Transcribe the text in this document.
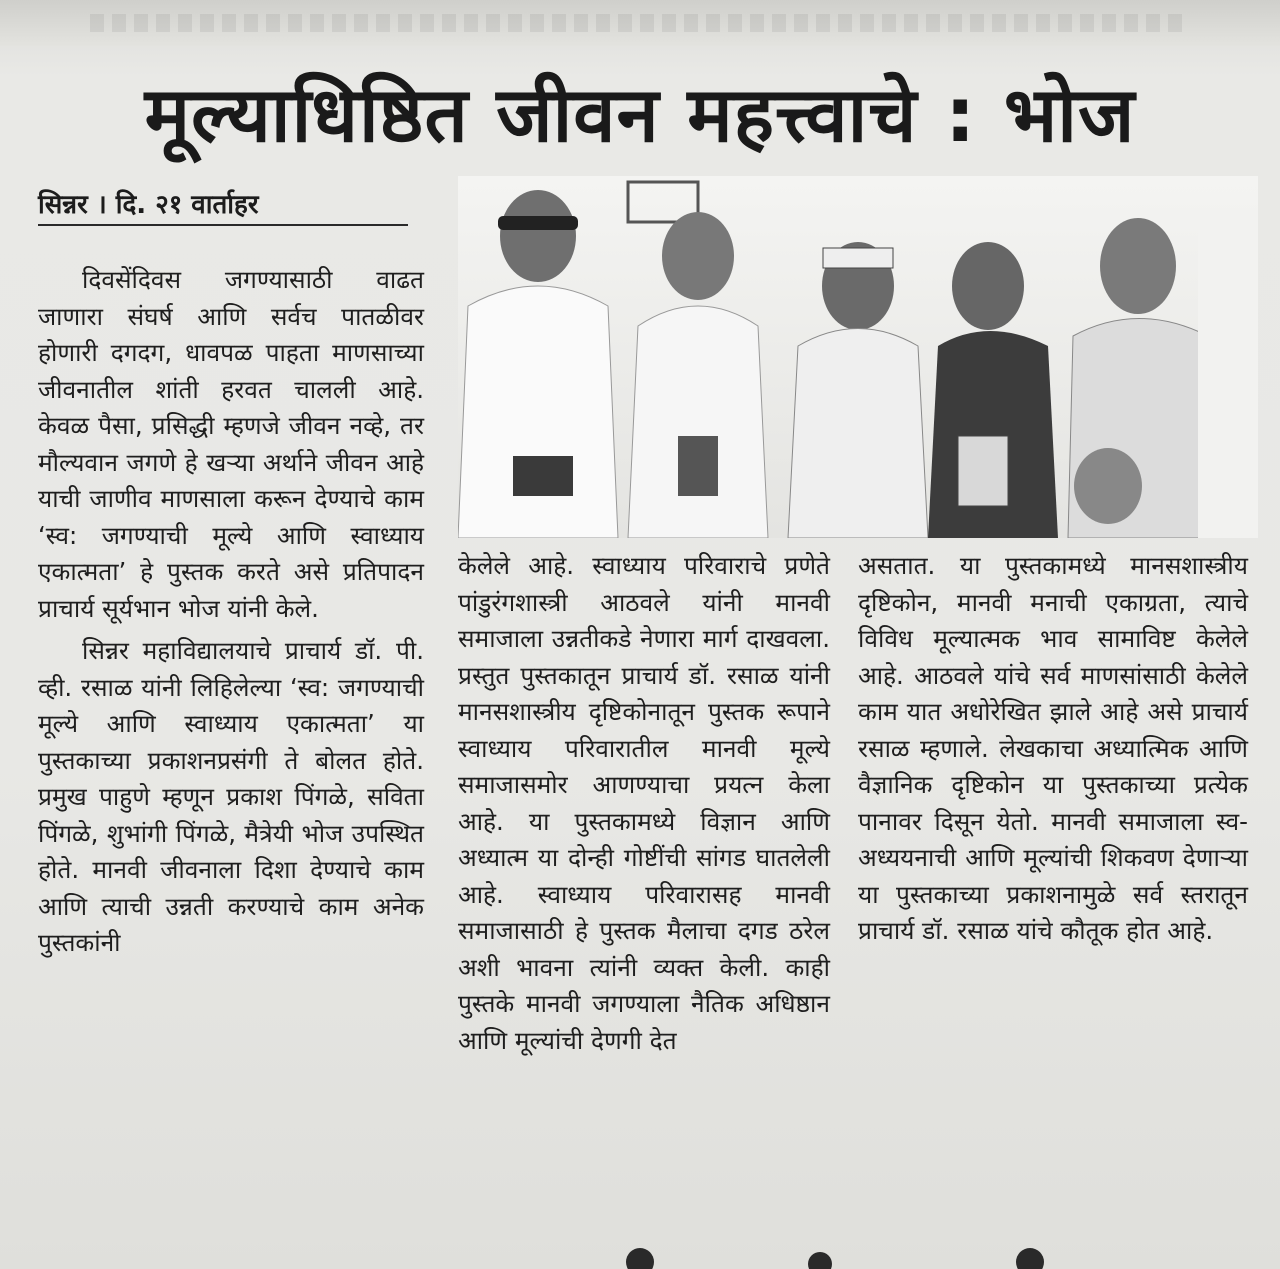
मूल्याधिष्ठित जीवन महत्त्वाचे : भोज
सिन्नर । दि. २१ वार्ताहर

दिवसेंदिवस जगण्यासाठी वाढत जाणारा संघर्ष आणि सर्वच पातळीवर होणारी दगदग, धावपळ पाहता माणसाच्या जीवनातील शांती हरवत चालली आहे. केवळ पैसा, प्रसिद्धी म्हणजे जीवन नव्हे, तर मौल्यवान जगणे हे खऱ्या अर्थाने जीवन आहे याची जाणीव माणसाला करून देण्याचे काम ‘स्व: जगण्याची मूल्ये आणि स्वाध्याय एकात्मता’ हे पुस्तक करते असे प्रतिपादन प्राचार्य सूर्यभान भोज यांनी केले.

सिन्नर महाविद्यालयाचे प्राचार्य डॉ. पी. व्ही. रसाळ यांनी लिहिलेल्या ‘स्व: जगण्याची मूल्ये आणि स्वाध्याय एकात्मता’ या पुस्तकाच्या प्रकाशनप्रसंगी ते बोलत होते. प्रमुख पाहुणे म्हणून प्रकाश पिंगळे, सविता पिंगळे, शुभांगी पिंगळे, मैत्रेयी भोज उपस्थित होते. मानवी जीवनाला दिशा देण्याचे काम आणि त्याची उन्नती करण्याचे काम अनेक पुस्तकांनी

केलेले आहे. स्वाध्याय परिवाराचे प्रणेते पांडुरंगशास्त्री आठवले यांनी मानवी समाजाला उन्नतीकडे नेणारा मार्ग दाखवला. प्रस्तुत पुस्तकातून प्राचार्य डॉ. रसाळ यांनी मानसशास्त्रीय दृष्टिकोनातून पुस्तक रूपाने स्वाध्याय परिवारातील मानवी मूल्ये समाजासमोर आणण्याचा प्रयत्न केला आहे. या पुस्तकामध्ये विज्ञान आणि अध्यात्म या दोन्ही गोष्टींची सांगड घातलेली आहे. स्वाध्याय परिवारासह मानवी समाजासाठी हे पुस्तक मैलाचा दगड ठरेल अशी भावना त्यांनी व्यक्त केली. काही पुस्तके मानवी जगण्याला नैतिक अधिष्ठान आणि मूल्यांची देणगी देत

असतात. या पुस्तकामध्ये मानसशास्त्रीय दृष्टिकोन, मानवी मनाची एकाग्रता, त्याचे विविध मूल्यात्मक भाव सामाविष्ट केलेले आहे. आठवले यांचे सर्व माणसांसाठी केलेले काम यात अधोरेखित झाले आहे असे प्राचार्य रसाळ म्हणाले. लेखकाचा अध्यात्मिक आणि वैज्ञानिक दृष्टिकोन या पुस्तकाच्या प्रत्येक पानावर दिसून येतो. मानवी समाजाला स्व-अध्ययनाची आणि मूल्यांची शिकवण देणाऱ्या या पुस्तकाच्या प्रकाशनामुळे सर्व स्तरातून प्राचार्य डॉ. रसाळ यांचे कौतूक होत आहे.
